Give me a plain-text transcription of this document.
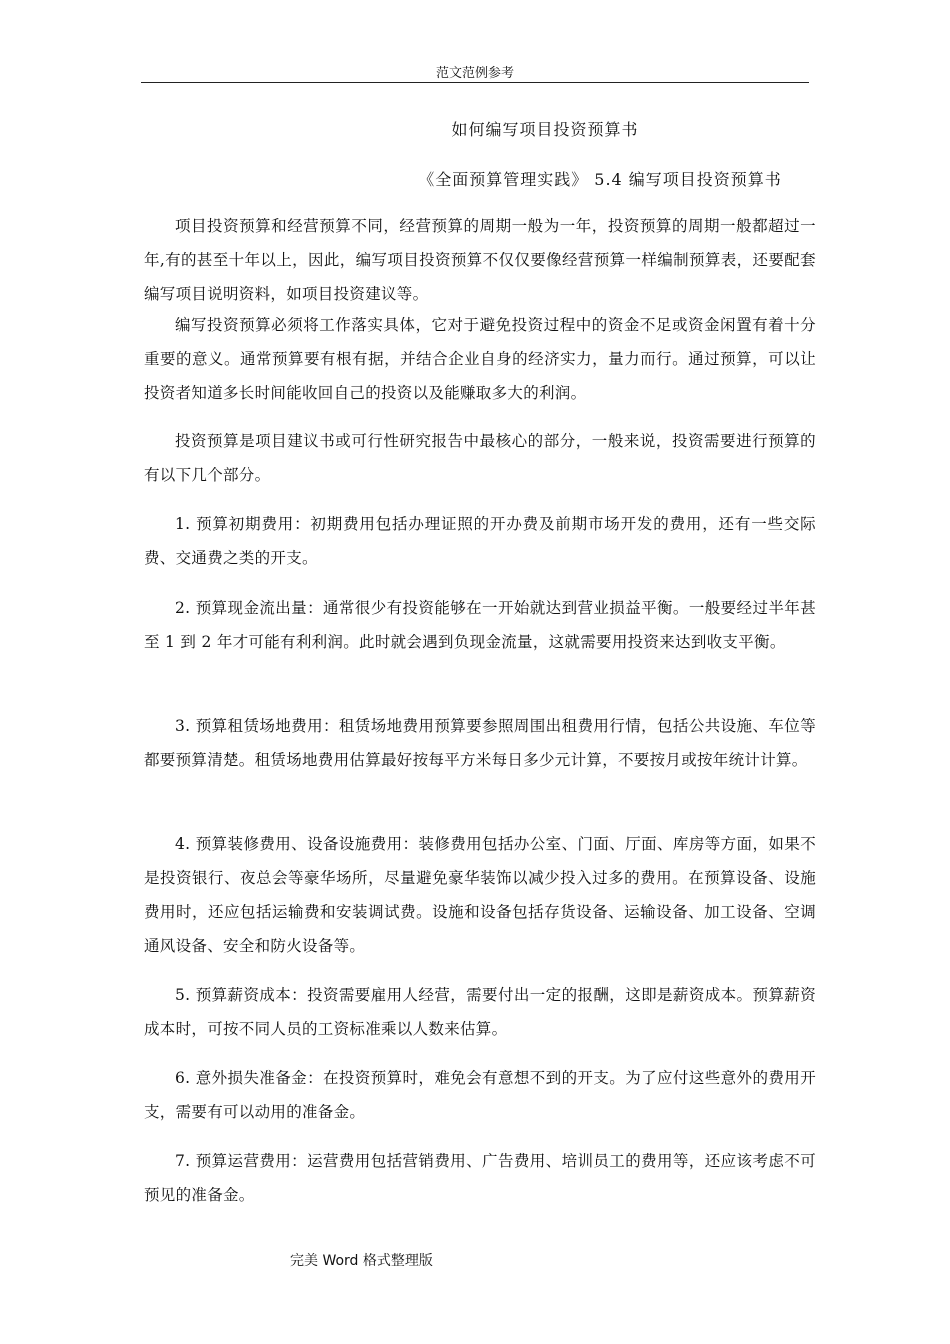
范文范例参考
如何编写项目投资预算书
《全面预算管理实践》 5.4 编写项目投资预算书

项目投资预算和经营预算不同，经营预算的周期一般为一年，投资预算的周期一般都超过一年,有的甚至十年以上，因此，编写项目投资预算不仅仅要像经营预算一样编制预算表，还要配套编写项目说明资料，如项目投资建议等。

编写投资预算必须将工作落实具体，它对于避免投资过程中的资金不足或资金闲置有着十分重要的意义。通常预算要有根有据，并结合企业自身的经济实力，量力而行。通过预算，可以让投资者知道多长时间能收回自己的投资以及能赚取多大的利润。

投资预算是项目建议书或可行性研究报告中最核心的部分，一般来说，投资需要进行预算的有以下几个部分。

1. 预算初期费用：初期费用包括办理证照的开办费及前期市场开发的费用，还有一些交际费、交通费之类的开支。

2. 预算现金流出量：通常很少有投资能够在一开始就达到营业损益平衡。一般要经过半年甚至 1 到 2 年才可能有利利润。此时就会遇到负现金流量，这就需要用投资来达到收支平衡。

3. 预算租赁场地费用：租赁场地费用预算要参照周围出租费用行情，包括公共设施、车位等都要预算清楚。租赁场地费用估算最好按每平方米每日多少元计算，不要按月或按年统计计算。

4. 预算装修费用、设备设施费用：装修费用包括办公室、门面、厅面、库房等方面，如果不是投资银行、夜总会等豪华场所，尽量避免豪华装饰以减少投入过多的费用。在预算设备、设施费用时，还应包括运输费和安装调试费。设施和设备包括存货设备、运输设备、加工设备、空调通风设备、安全和防火设备等。

5. 预算薪资成本：投资需要雇用人经营，需要付出一定的报酬，这即是薪资成本。预算薪资成本时，可按不同人员的工资标准乘以人数来估算。

6. 意外损失准备金：在投资预算时，难免会有意想不到的开支。为了应付这些意外的费用开支，需要有可以动用的准备金。

7. 预算运营费用：运营费用包括营销费用、广告费用、培训员工的费用等，还应该考虑不可预见的准备金。

完美 Word 格式整理版
